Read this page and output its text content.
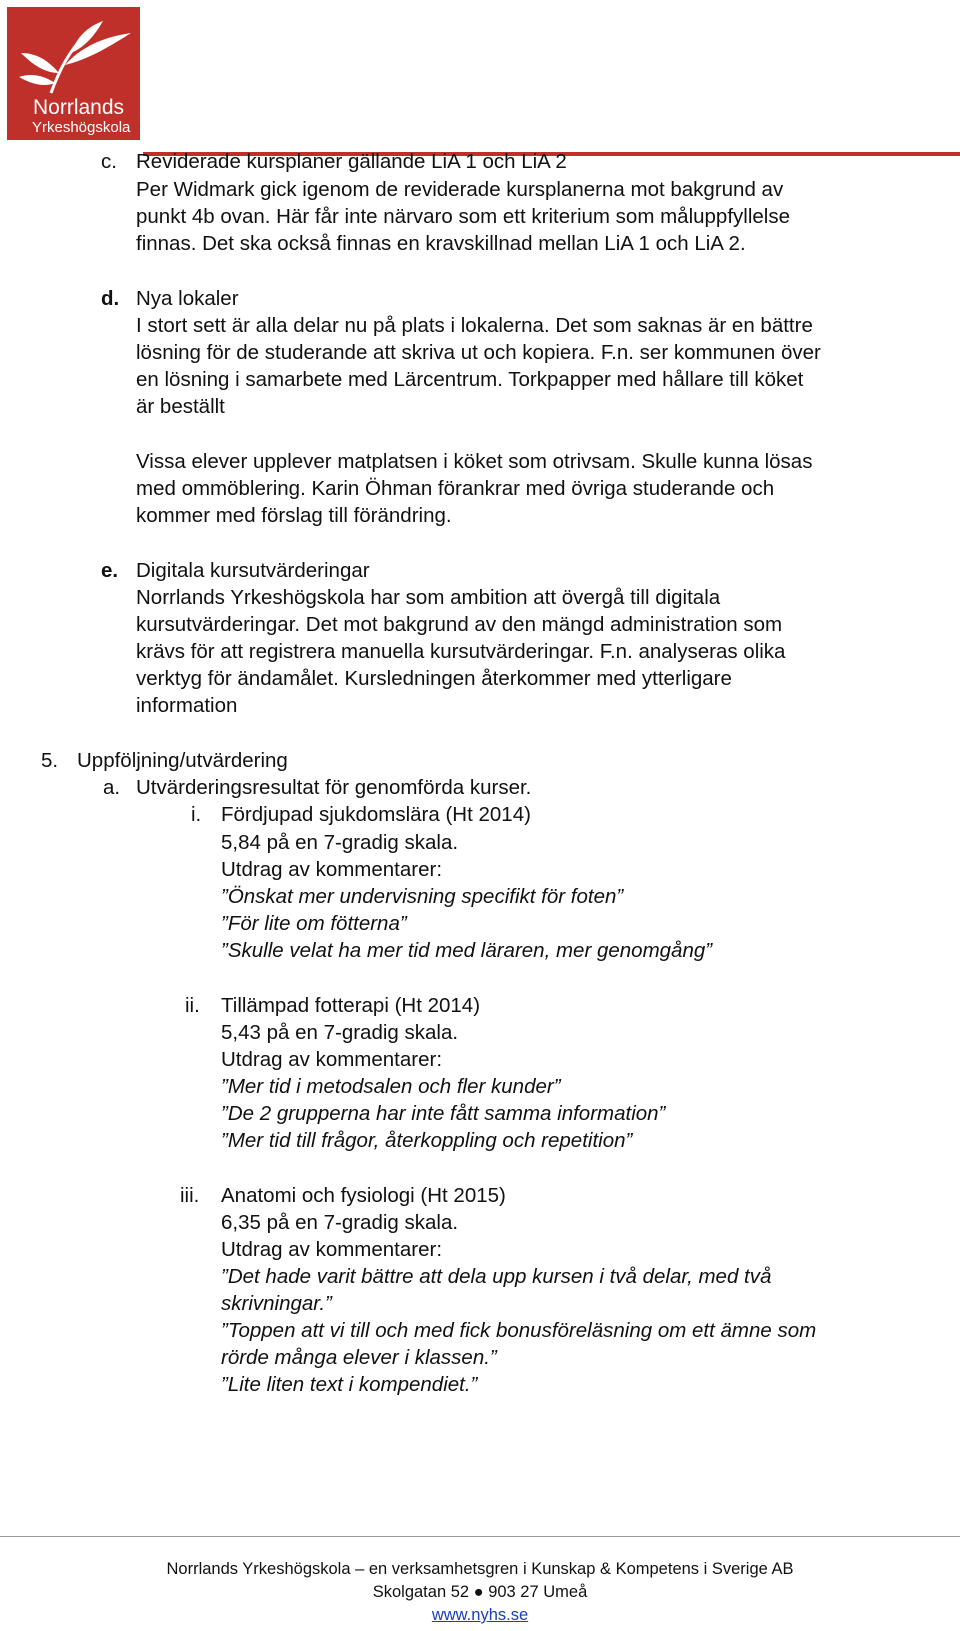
Norrlands
Yrkeshögskola
c. Reviderade kursplaner gällande LiA 1 och LiA 2
Per Widmark gick igenom de reviderade kursplanerna mot bakgrund av
punkt 4b ovan. Här får inte närvaro som ett kriterium som måluppfyllelse
finnas. Det ska också finnas en kravskillnad mellan LiA 1 och LiA 2.
d. Nya lokaler
I stort sett är alla delar nu på plats i lokalerna. Det som saknas är en bättre
lösning för de studerande att skriva ut och kopiera. F.n. ser kommunen över
en lösning i samarbete med Lärcentrum. Torkpapper med hållare till köket
är beställt
Vissa elever upplever matplatsen i köket som otrivsam. Skulle kunna lösas
med ommöblering. Karin Öhman förankrar med övriga studerande och
kommer med förslag till förändring.
e. Digitala kursutvärderingar
Norrlands Yrkeshögskola har som ambition att övergå till digitala
kursutvärderingar. Det mot bakgrund av den mängd administration som
krävs för att registrera manuella kursutvärderingar. F.n. analyseras olika
verktyg för ändamålet. Kursledningen återkommer med ytterligare
information
5. Uppföljning/utvärdering
a. Utvärderingsresultat för genomförda kurser.
i. Fördjupad sjukdomslära (Ht 2014)
5,84 på en 7-gradig skala.
Utdrag av kommentarer:
”Önskat mer undervisning specifikt för foten”
”För lite om fötterna”
”Skulle velat ha mer tid med läraren, mer genomgång”
ii. Tillämpad fotterapi (Ht 2014)
5,43 på en 7-gradig skala.
Utdrag av kommentarer:
”Mer tid i metodsalen och fler kunder”
”De 2 grupperna har inte fått samma information”
”Mer tid till frågor, återkoppling och repetition”
iii. Anatomi och fysiologi (Ht 2015)
6,35 på en 7-gradig skala.
Utdrag av kommentarer:
”Det hade varit bättre att dela upp kursen i två delar, med två
skrivningar.”
”Toppen att vi till och med fick bonusföreläsning om ett ämne som
rörde många elever i klassen.”
”Lite liten text i kompendiet.”
Norrlands Yrkeshögskola – en verksamhetsgren i Kunskap & Kompetens i Sverige AB
Skolgatan 52 ● 903 27 Umeå
www.nyhs.se
